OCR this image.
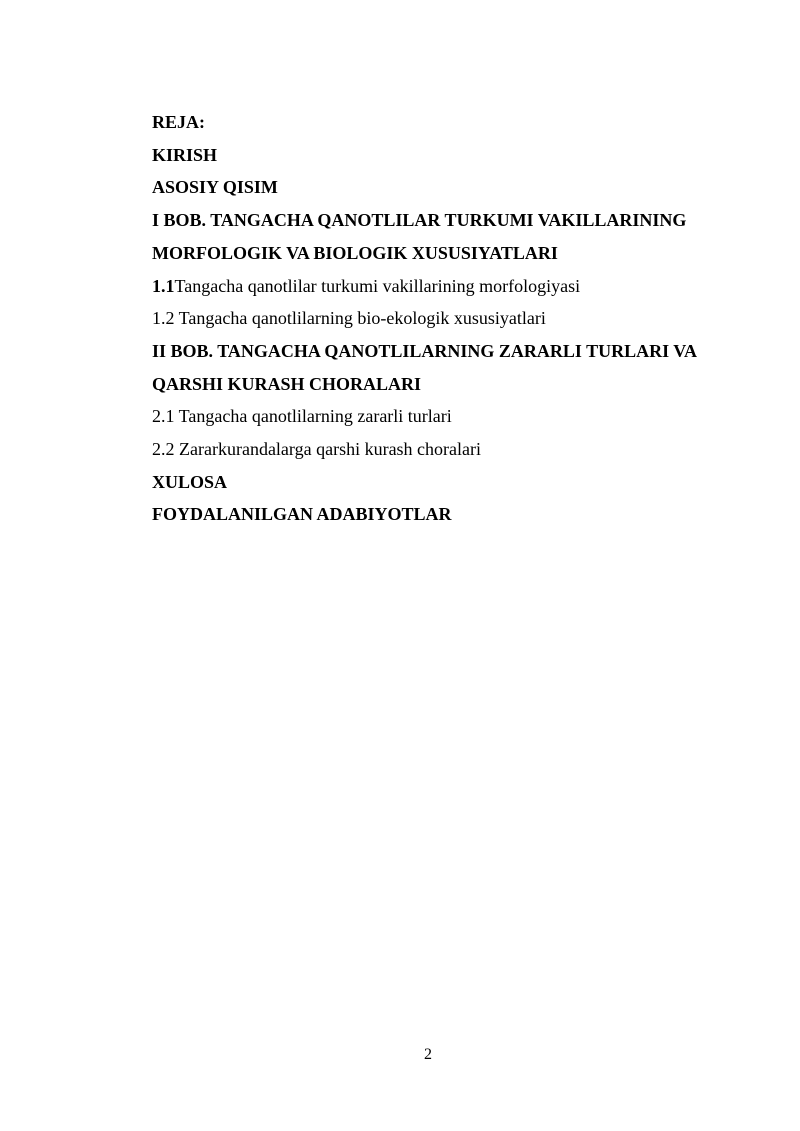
REJA:

KIRISH

ASOSIY QISIM

I BOB. TANGACHA QANOTLILAR TURKUMI VAKILLARINING

MORFOLOGIK VA BIOLOGIK XUSUSIYATLARI

1.1Tangacha qanotlilar turkumi vakillarining morfologiyasi

1.2 Tangacha qanotlilarning bio-ekologik xususiyatlari

II BOB. TANGACHA QANOTLILARNING ZARARLI TURLARI VA

QARSHI KURASH CHORALARI

2.1 Tangacha qanotlilarning zararli turlari

2.2 Zararkurandalarga qarshi kurash choralari

XULOSA

FOYDALANILGAN ADABIYOTLAR

2
